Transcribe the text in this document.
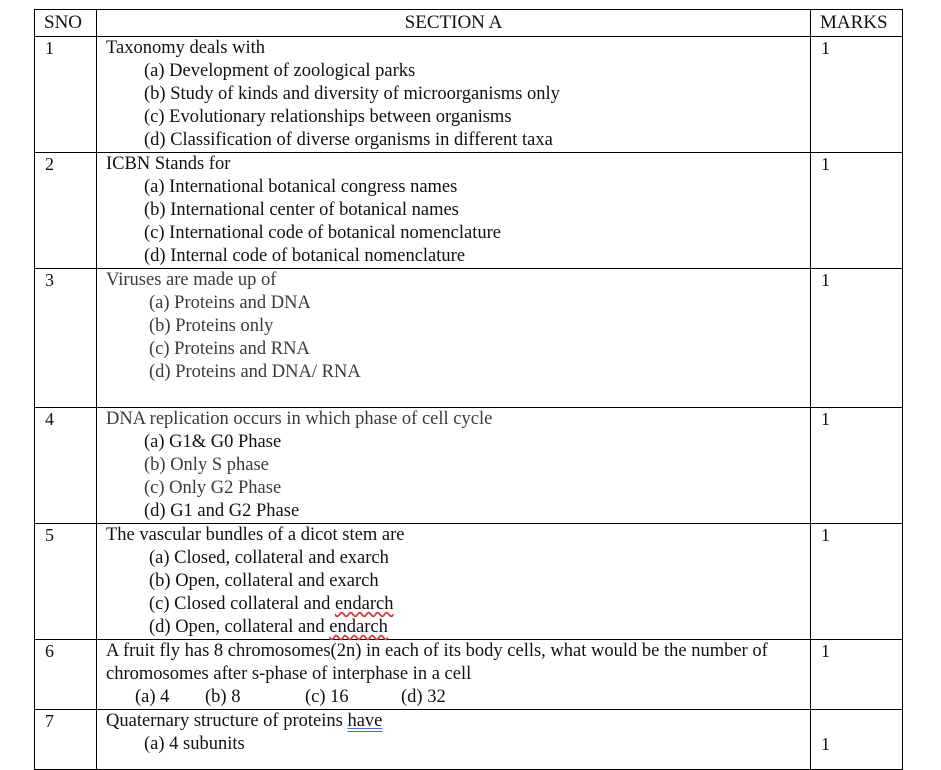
SNO	SECTION A	MARKS
1	Taxonomy deals with
(a) Development of zoological parks
(b) Study of kinds and diversity of microorganisms only
(c) Evolutionary relationships between organisms
(d) Classification of diverse organisms in different taxa	1
2	ICBN Stands for
(a) International botanical congress names
(b) International center of botanical names
(c) International code of botanical nomenclature
(d) Internal code of botanical nomenclature	1
3	Viruses are made up of
(a) Proteins and DNA
(b) Proteins only
(c) Proteins and RNA
(d) Proteins and DNA/ RNA	1
4	DNA replication occurs in which phase of cell cycle
(a) G1& G0 Phase
(b) Only S phase
(c) Only G2 Phase
(d) G1 and G2 Phase	1
5	The vascular bundles of a dicot stem are
(a) Closed, collateral and exarch
(b) Open, collateral and exarch
(c) Closed collateral and endarch
(d) Open, collateral and endarch	1
6	A fruit fly has 8 chromosomes(2n) in each of its body cells, what would be the number of chromosomes after s-phase of interphase in a cell
(a) 4 (b) 8 (c) 16 (d) 32	1
7	Quaternary structure of proteins have
(a) 4 subunits	1
